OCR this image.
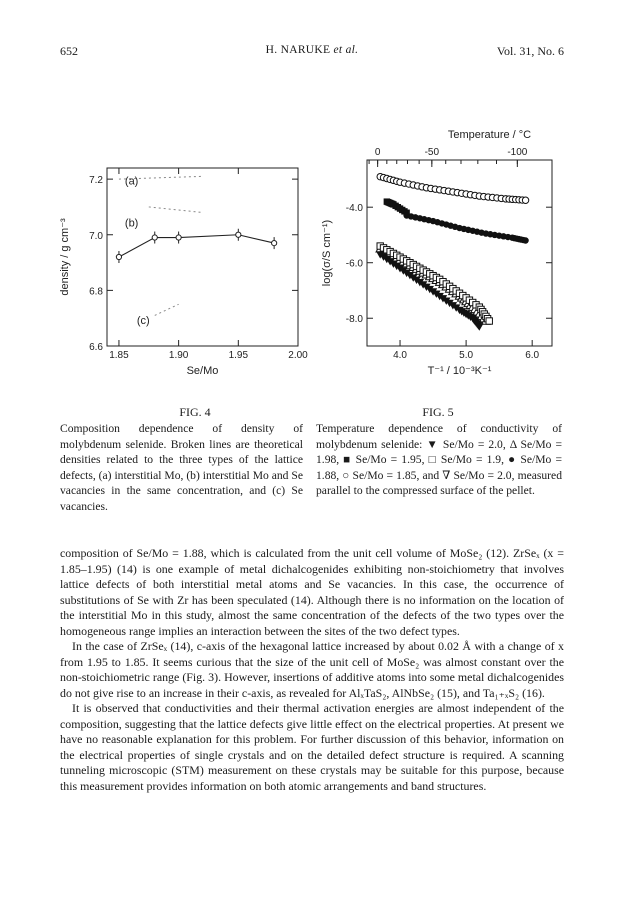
652	H. NARUKE et al.	Vol. 31, No. 6
1.85	1.90	1.95	2.00
7.2
7.0
6.8
6.6
Se/Mo
density / g cm⁻³
(a)
(b)
(c)
4.0	5.0	6.0
-4.0
-6.0
-8.0
0	-50	-100
Temperature / °C
T⁻¹ / 10⁻³K⁻¹
log(σ/S cm⁻¹)
FIG. 4	FIG. 5
Composition dependence of density of molybdenum selenide. Broken lines are theoretical densities related to the three types of the lattice defects, (a) interstitial Mo, (b) interstitial Mo and Se vacancies in the same concentration, and (c) Se vacancies.
Temperature dependence of conductivity of molybdenum selenide: ▼ Se/Mo = 2.0, Δ Se/Mo = 1.98, ■ Se/Mo = 1.95, □ Se/Mo = 1.9, ● Se/Mo = 1.88, ○ Se/Mo = 1.85, and ∇ Se/Mo = 2.0, measured parallel to the compressed surface of the pellet.

composition of Se/Mo = 1.88, which is calculated from the unit cell volume of MoSe₂ (12). ZrSeₓ (x = 1.85–1.95) (14) is one example of metal dichalcogenides exhibiting non-stoichiometry that involves lattice defects of both interstitial metal atoms and Se vacancies. In this case, the occurrence of substitutions of Se with Zr has been speculated (14). Although there is no information on the location of the interstitial Mo in this study, almost the same concentration of the defects of the two types over the homogeneous range implies an interaction between the sites of the two defect types.

In the case of ZrSeₓ (14), c-axis of the hexagonal lattice increased by about 0.02 Å with a change of x from 1.95 to 1.85. It seems curious that the size of the unit cell of MoSe₂ was almost constant over the non-stoichiometric range (Fig. 3). However, insertions of additive atoms into some metal dichalcogenides do not give rise to an increase in their c-axis, as revealed for AlₓTaS₂, AlNbSe₂ (15), and Ta₁₊ₓS₂ (16).

It is observed that conductivities and their thermal activation energies are almost independent of the composition, suggesting that the lattice defects give little effect on the electrical properties. At present we have no reasonable explanation for this problem. For further discussion of this behavior, information on the electrical properties of single crystals and on the detailed defect structure is required. A scanning tunneling microscopic (STM) measurement on these crystals may be suitable for this purpose, because this measurement provides information on both atomic arrangements and band structures.
